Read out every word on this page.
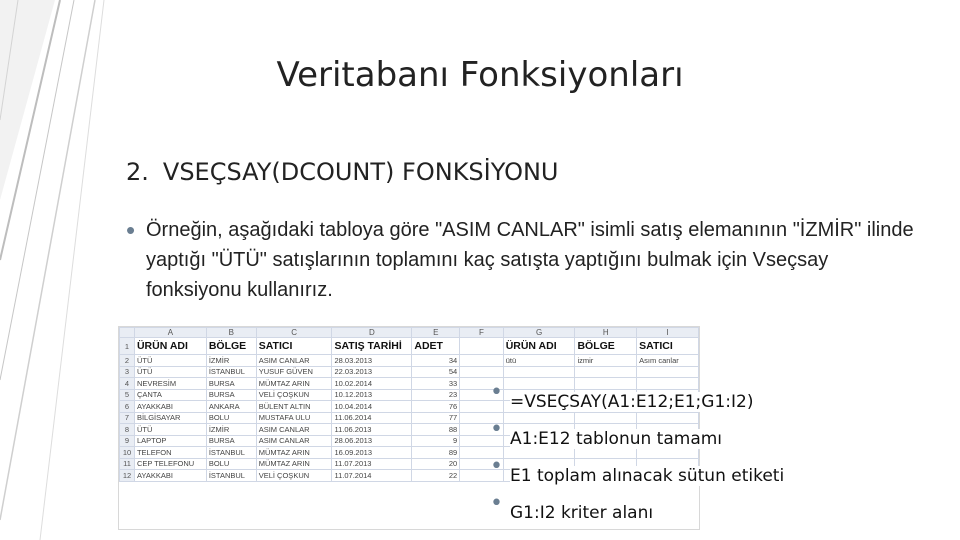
Veritabanı Fonksiyonları
2. VSEÇSAY(DCOUNT) FONKSİYONU
• Örneğin, aşağıdaki tabloya göre "ASIM CANLAR" isimli satış elemanının "İZMİR" ilinde yaptığı "ÜTÜ" satışlarının toplamını kaç satışta yaptığını bulmak için Vseçsay fonksiyonu kullanırız.
	A	B	C	D	E	F	G	H	I
1	ÜRÜN ADI	BÖLGE	SATICI	SATIŞ TARİHİ	ADET		ÜRÜN ADI	BÖLGE	SATICI
2	ÜTÜ	İZMİR	ASIM CANLAR	28.03.2013	34		ütü	izmir	Asım canlar
3	ÜTÜ	İSTANBUL	YUSUF GÜVEN	22.03.2013	54				
4	NEVRESİM	BURSA	MÜMTAZ ARIN	10.02.2014	33				
5	ÇANTA	BURSA	VELİ ÇOŞKUN	10.12.2013	23				
6	AYAKKABI	ANKARA	BÜLENT ALTIN	10.04.2014	76				
7	BİLGİSAYAR	BOLU	MUSTAFA ULU	11.06.2014	77				
8	ÜTÜ	İZMİR	ASIM CANLAR	11.06.2013	88				
9	LAPTOP	BURSA	ASIM CANLAR	28.06.2013	9				
10	TELEFON	İSTANBUL	MÜMTAZ ARIN	16.09.2013	89				
11	CEP TELEFONU	BOLU	MÜMTAZ ARIN	11.07.2013	20				
12	AYAKKABI	İSTANBUL	VELİ ÇOŞKUN	11.07.2014	22				
• =VSEÇSAY(A1:E12;E1;G1:I2)
• A1:E12 tablonun tamamı
• E1 toplam alınacak sütun etiketi
• G1:I2 kriter alanı
